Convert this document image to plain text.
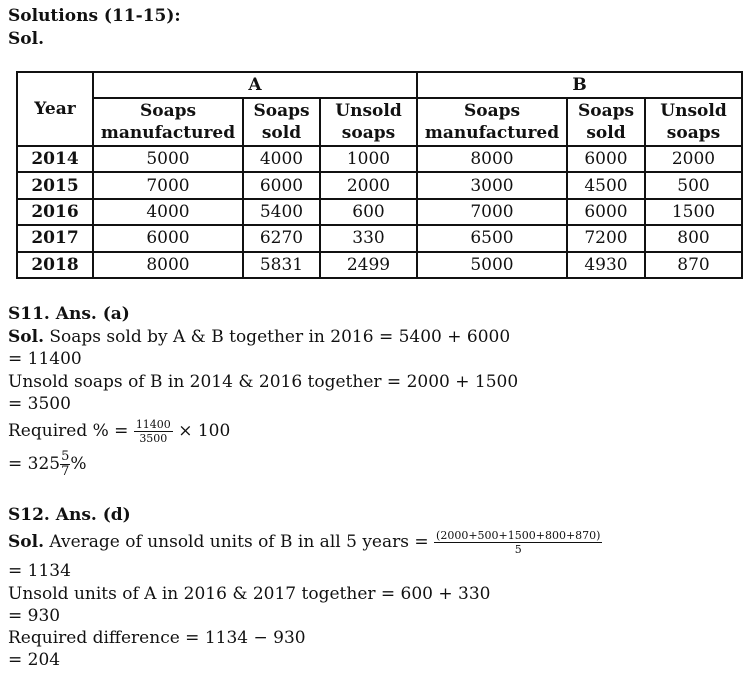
Solutions (11-15):
Sol.
Year	A			B		
	Soaps manufactured	Soaps sold	Unsold soaps	Soaps manufactured	Soaps sold	Unsold soaps
2014	5000	4000	1000	8000	6000	2000
2015	7000	6000	2000	3000	4500	500
2016	4000	5400	600	7000	6000	1500
2017	6000	6270	330	6500	7200	800
2018	8000	5831	2499	5000	4930	870
S11. Ans. (a)
Sol. Soaps sold by A & B together in 2016 = 5400 + 6000
= 11400
Unsold soaps of B in 2014 & 2016 together = 2000 + 1500
= 3500
Required % = $\frac{11400}{3500} \times 100$
= $325 \frac{5}{7}$ %
S12. Ans. (d)
Sol. Average of unsold units of B in all 5 years = $\frac{(2000+500+1500+800+870)}{5}$
= 1134
Unsold units of A in 2016 & 2017 together = 600 + 330
= 930
Required difference = 1134 − 930
= 204
